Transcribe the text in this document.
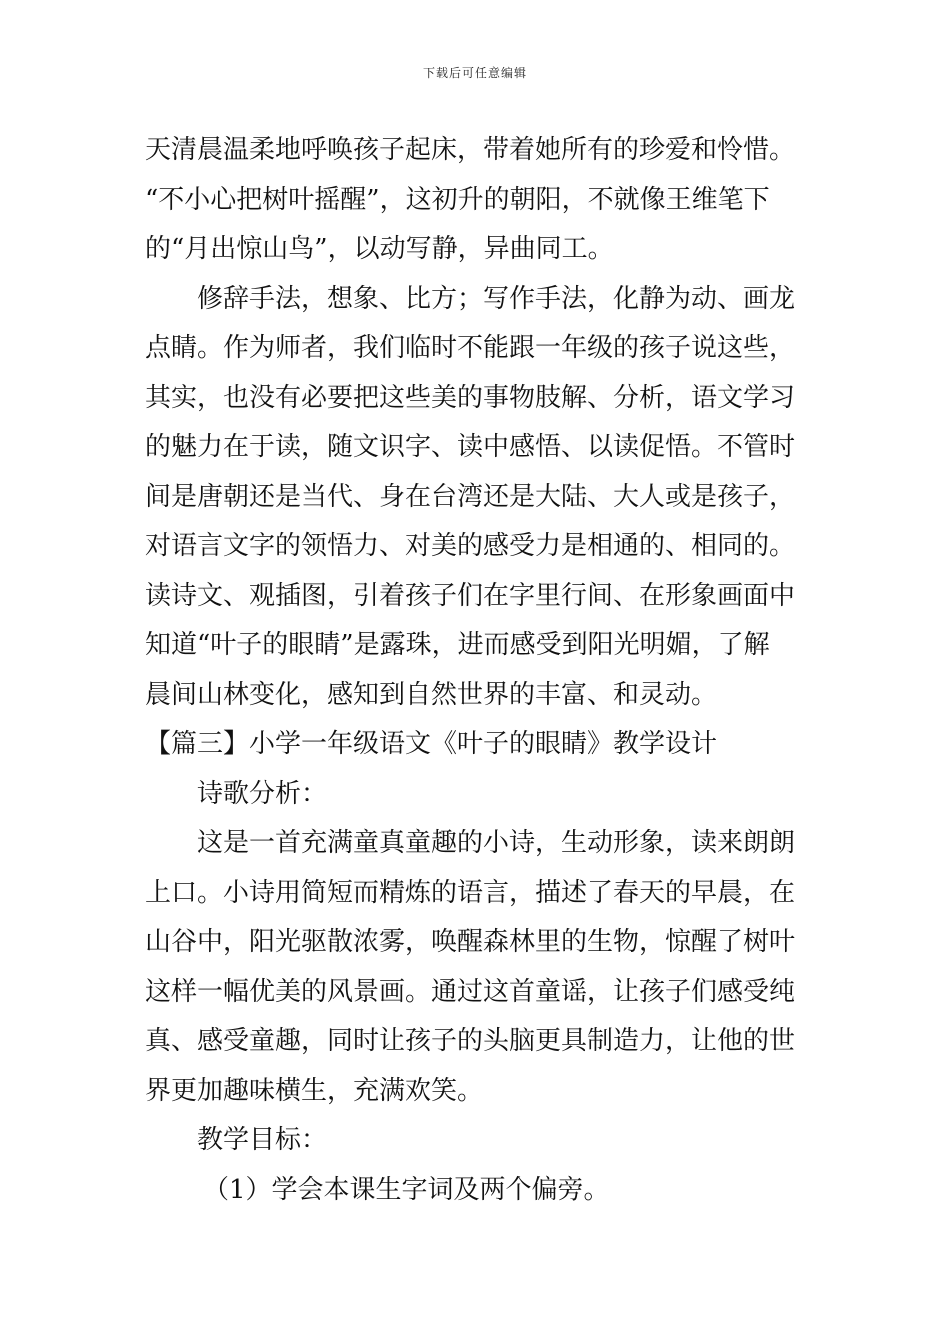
下载后可任意编辑
天清晨温柔地呼唤孩子起床，带着她所有的珍爱和怜惜。
“不小心把树叶摇醒”，这初升的朝阳，不就像王维笔下
的“月出惊山鸟”，以动写静，异曲同工。
修辞手法，想象、比方；写作手法，化静为动、画龙
点睛。作为师者，我们临时不能跟一年级的孩子说这些，
其实，也没有必要把这些美的事物肢解、分析，语文学习
的魅力在于读，随文识字、读中感悟、以读促悟。不管时
间是唐朝还是当代、身在台湾还是大陆、大人或是孩子，
对语言文字的领悟力、对美的感受力是相通的、相同的。
读诗文、观插图，引着孩子们在字里行间、在形象画面中
知道“叶子的眼睛”是露珠，进而感受到阳光明媚，了解
晨间山林变化，感知到自然世界的丰富、和灵动。
【篇三】小学一年级语文《叶子的眼睛》教学设计
诗歌分析：
这是一首充满童真童趣的小诗，生动形象，读来朗朗
上口。小诗用简短而精炼的语言，描述了春天的早晨，在
山谷中，阳光驱散浓雾，唤醒森林里的生物，惊醒了树叶
这样一幅优美的风景画。通过这首童谣，让孩子们感受纯
真、感受童趣，同时让孩子的头脑更具制造力，让他的世
界更加趣味横生，充满欢笑。
教学目标：
（1）学会本课生字词及两个偏旁。
